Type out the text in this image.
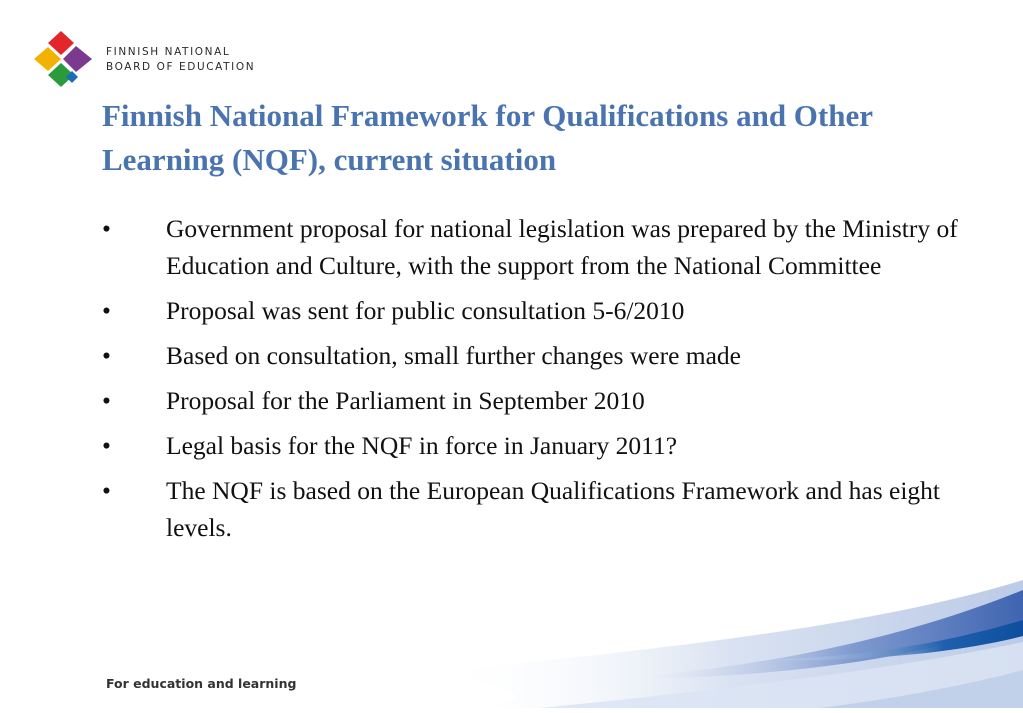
FINNISH NATIONAL
BOARD OF EDUCATION
Finnish National Framework for Qualifications and Other Learning (NQF), current situation
•	Government proposal for national legislation was prepared by the Ministry of Education and Culture, with the support from the National Committee
•	Proposal was sent for public consultation 5-6/2010
•	Based on consultation, small further changes were made
•	Proposal for the Parliament in September 2010
•	Legal basis for the NQF in force in January 2011?
•	The NQF is based on the European Qualifications Framework and has eight levels.
For education and learning
